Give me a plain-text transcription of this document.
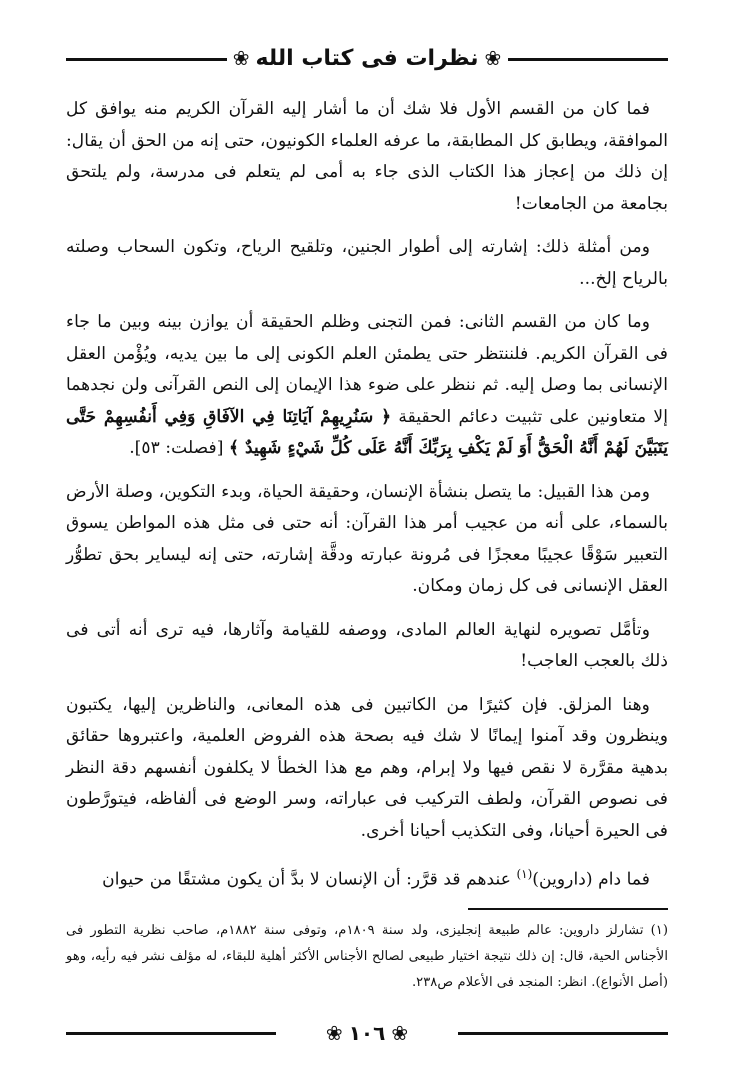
❀
نظرات فى كتاب الله
❀

فما كان من القسم الأول فلا شك أن ما أشار إليه القرآن الكريم منه يوافق كل الموافقة، ويطابق كل المطابقة، ما عرفه العلماء الكونيون، حتى إنه من الحق أن يقال: إن ذلك من إعجاز هذا الكتاب الذى جاء به أمى لم يتعلم فى مدرسة، ولم يلتحق بجامعة من الجامعات!

ومن أمثلة ذلك: إشارته إلى أطوار الجنين، وتلقيح الرياح، وتكون السحاب وصلته بالرياح إلخ...

وما كان من القسم الثانى: فمن التجنى وظلم الحقيقة أن يوازن بينه وبين ما جاء فى القرآن الكريم. فلننتظر حتى يطمئن العلم الكونى إلى ما بين يديه، ويُؤْمن العقل الإنسانى بما وصل إليه. ثم ننظر على ضوء هذا الإيمان إلى النص القرآنى ولن نجدهما إلا متعاونين على تثبيت دعائم الحقيقة ﴿ سَنُرِيهِمْ آيَاتِنَا فِي الآفَاقِ وَفِي أَنفُسِهِمْ حَتَّى يَتَبَيَّنَ لَهُمْ أَنَّهُ الْحَقُّ أَوَ لَمْ يَكْفِ بِرَبِّكَ أَنَّهُ عَلَى كُلِّ شَيْءٍ شَهِيدٌ ﴾ [فصلت: ٥٣].

ومن هذا القبيل: ما يتصل بنشأة الإنسان، وحقيقة الحياة، وبدء التكوين، وصلة الأرض بالسماء، على أنه من عجيب أمر هذا القرآن: أنه حتى فى مثل هذه المواطن يسوق التعبير سَوْقًا عجيبًا معجزًا فى مُرونة عبارته ودقَّة إشارته، حتى إنه ليساير بحق تطوُّر العقل الإنسانى فى كل زمان ومكان.

وتأمَّل تصويره لنهاية العالم المادى، ووصفه للقيامة وآثارها، فيه ترى أنه أتى فى ذلك بالعجب العاجب!

وهنا المزلق. فإن كثيرًا من الكاتبين فى هذه المعانى، والناظرين إليها، يكتبون وينظرون وقد آمنوا إيمانًا لا شك فيه بصحة هذه الفروض العلمية، واعتبروها حقائق بدهية مقرَّرة لا نقص فيها ولا إبرام، وهم مع هذا الخطأ لا يكلفون أنفسهم دقة النظر فى نصوص القرآن، ولطف التركيب فى عباراته، وسر الوضع فى ألفاظه، فيتورَّطون فى الحيرة أحيانا، وفى التكذيب أحيانا أخرى.

فما دام (داروين)$^{(١)}$ عندهم قد قرَّر: أن الإنسان لا بدَّ أن يكون مشتقًا من حيوان

(١) تشارلز داروين: عالم طبيعة إنجليزى، ولد سنة ١٨٠٩م، وتوفى سنة ١٨٨٢م، صاحب نظرية التطور فى الأجناس الحية، قال: إن ذلك نتيجة اختيار طبيعى لصالح الأجناس الأكثر أهلية للبقاء، له مؤلف نشر فيه رأيه، وهو (أصل الأنواع). انظر: المنجد فى الأعلام ص٢٣٨.
❀
١٠٦
❀
